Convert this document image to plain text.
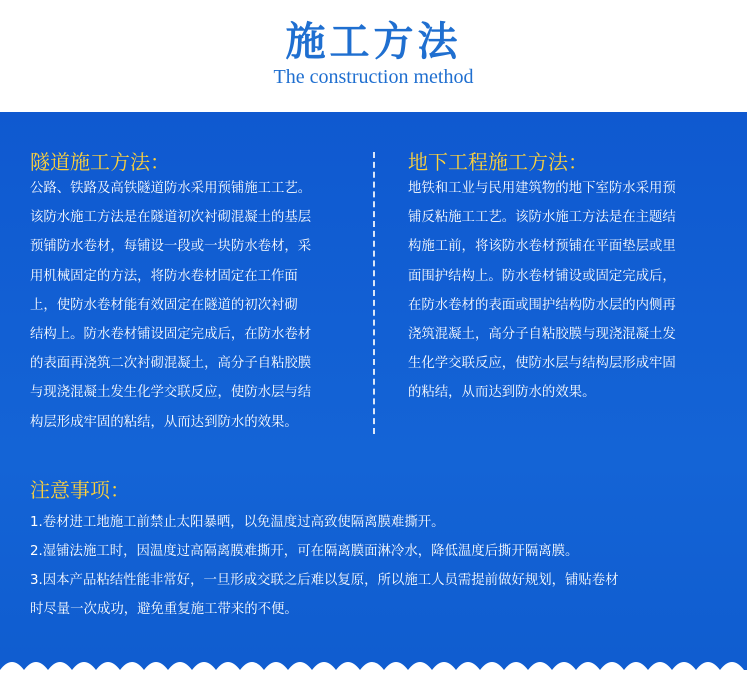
施工方法
The construction method
隧道施工方法：
公路、铁路及高铁隧道防水采用预铺施工工艺。
该防水施工方法是在隧道初次衬砌混凝土的基层
预铺防水卷材，每铺设一段或一块防水卷材，采
用机械固定的方法，将防水卷材固定在工作面
上，使防水卷材能有效固定在隧道的初次衬砌
结构上。防水卷材铺设固定完成后，在防水卷材
的表面再浇筑二次衬砌混凝土，高分子自粘胶膜
与现浇混凝土发生化学交联反应，使防水层与结
构层形成牢固的粘结，从而达到防水的效果。
地下工程施工方法：
地铁和工业与民用建筑物的地下室防水采用预
铺反粘施工工艺。该防水施工方法是在主题结
构施工前，将该防水卷材预铺在平面垫层或里
面围护结构上。防水卷材铺设或固定完成后，
在防水卷材的表面或围护结构防水层的内侧再
浇筑混凝土，高分子自粘胶膜与现浇混凝土发
生化学交联反应，使防水层与结构层形成牢固
的粘结，从而达到防水的效果。
注意事项：
1.卷材进工地施工前禁止太阳暴晒，以免温度过高致使隔离膜难撕开。
2.湿铺法施工时，因温度过高隔离膜难撕开，可在隔离膜面淋冷水，降低温度后撕开隔离膜。
3.因本产品粘结性能非常好，一旦形成交联之后难以复原，所以施工人员需提前做好规划，铺贴卷材
时尽量一次成功，避免重复施工带来的不便。
